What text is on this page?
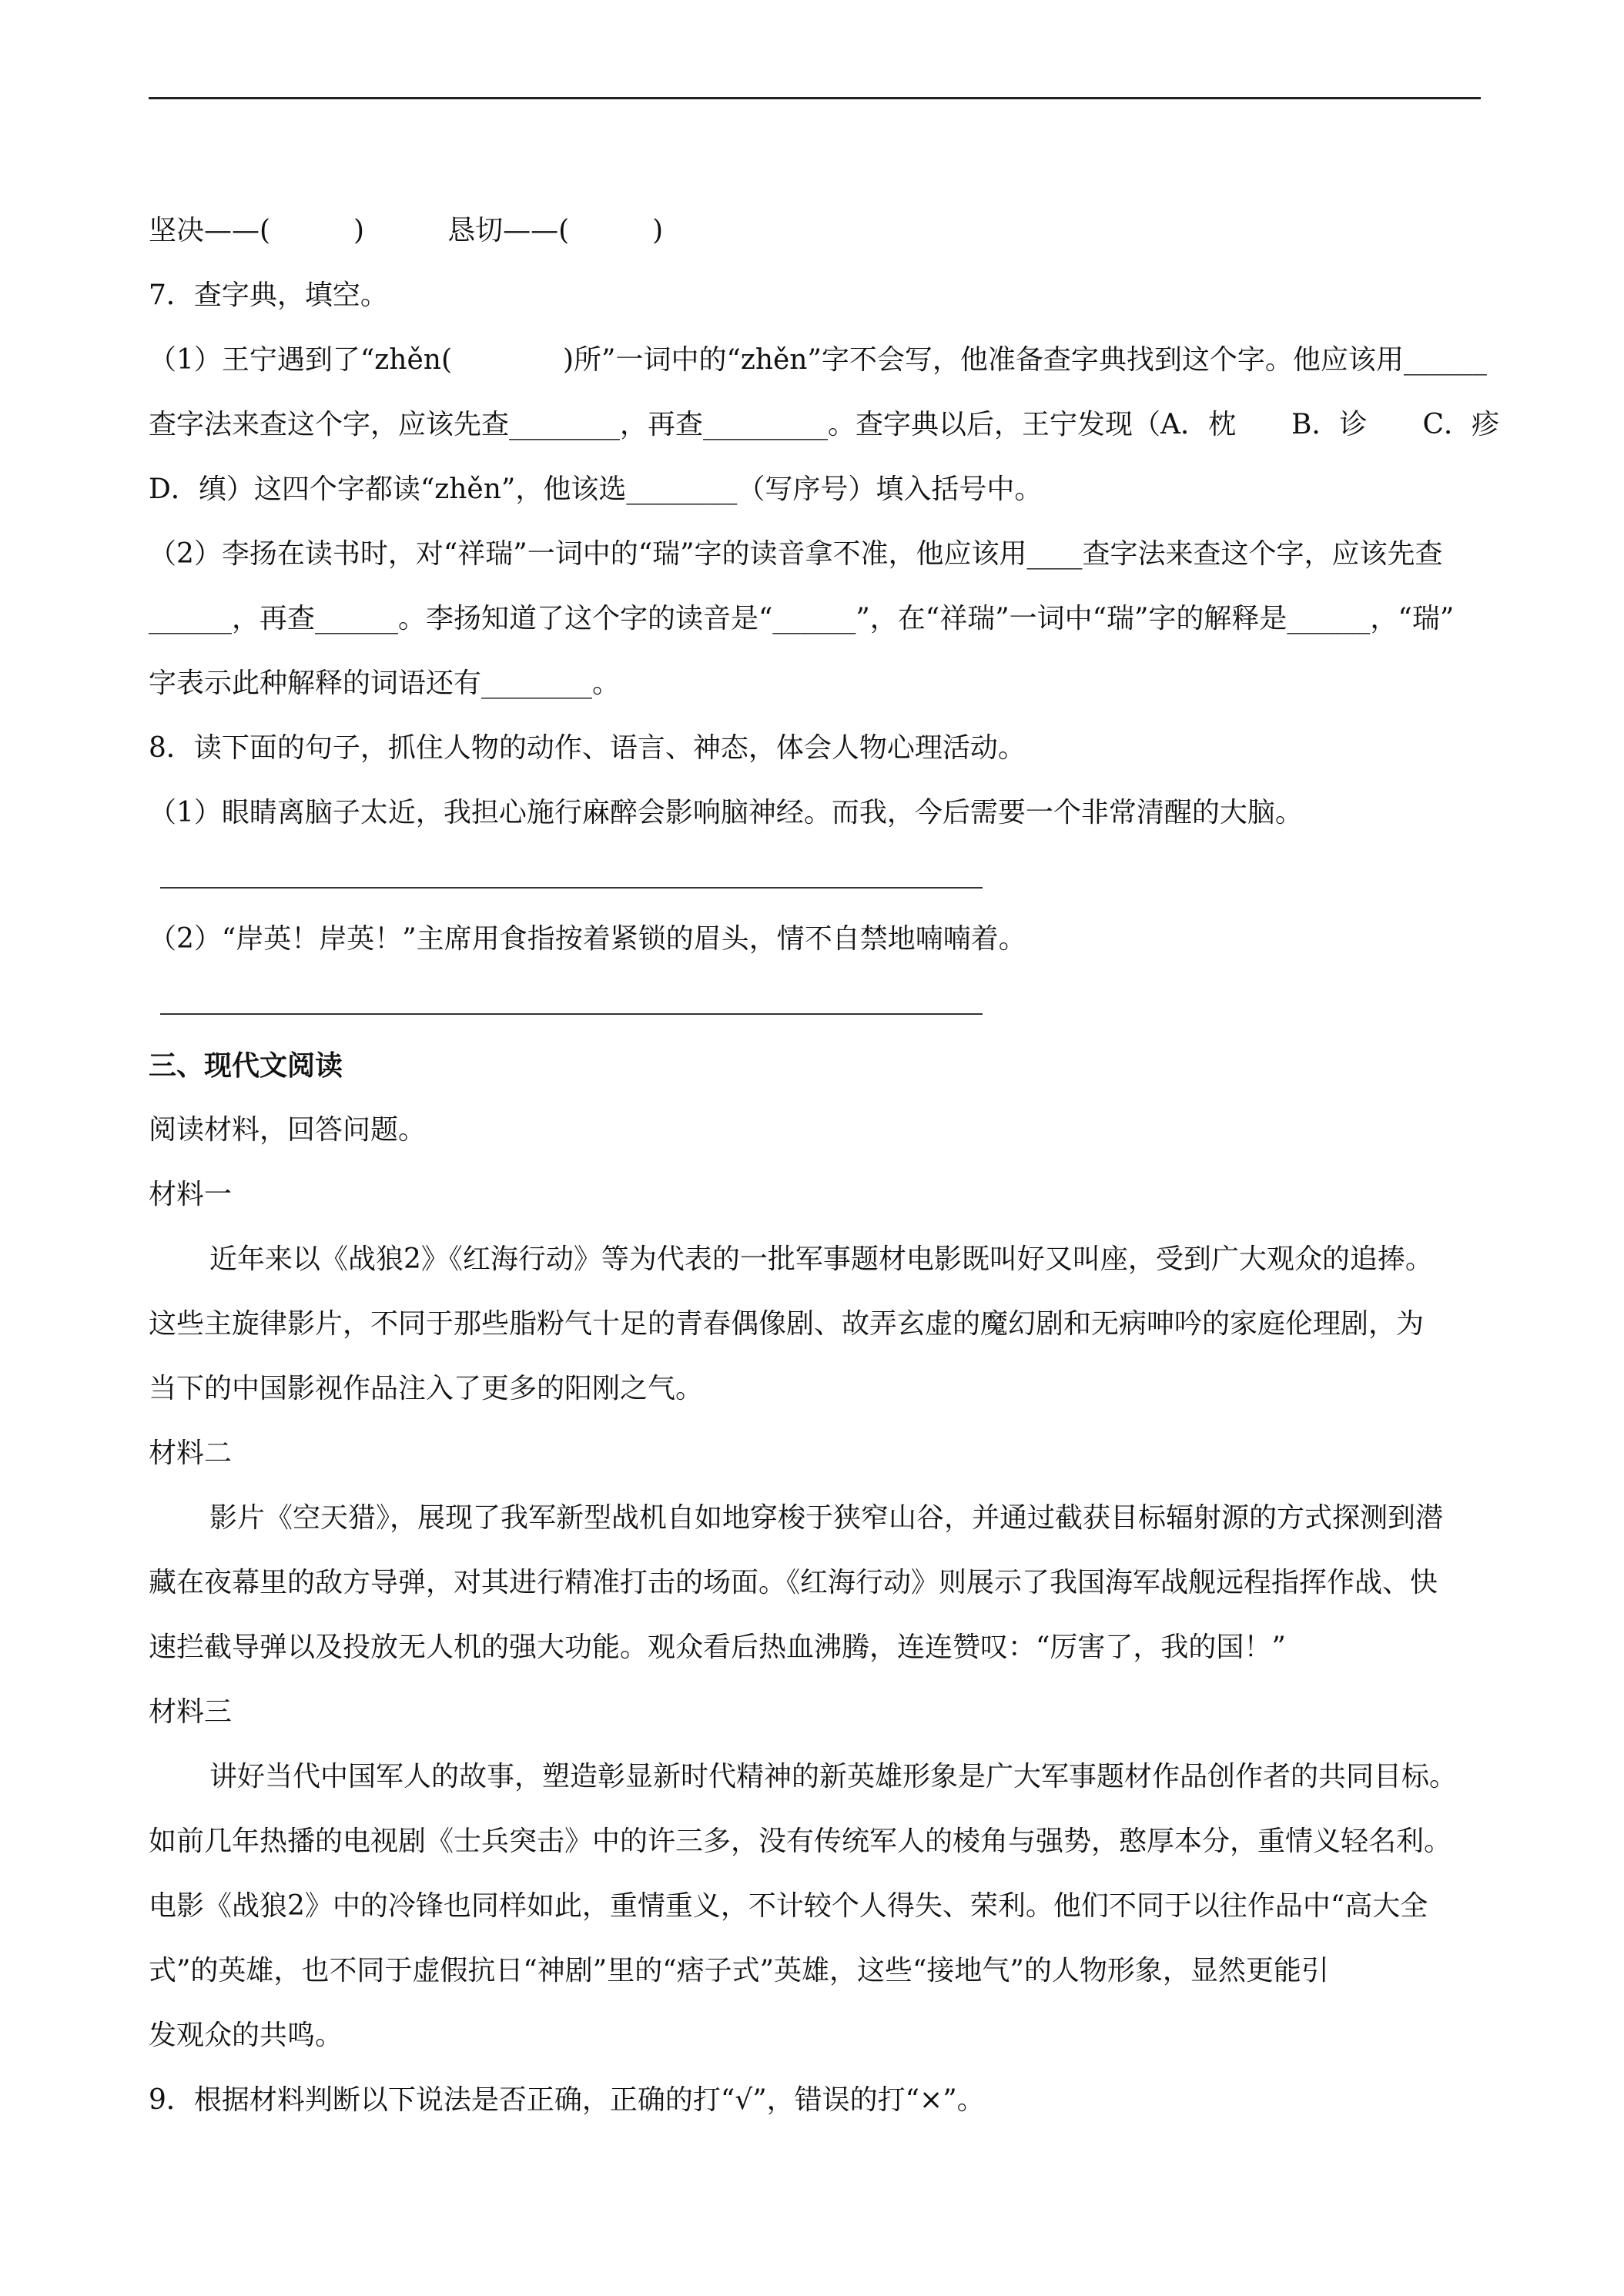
坚决——(　　　)　　　恳切——(　　　)
7．查字典，填空。
（1）王宁遇到了“zhěn(　　　　)所”一词中的“zhěn”字不会写，他准备查字典找到这个字。他应该用______
查字法来查这个字，应该先查________，再查_________。查字典以后，王宁发现（A．枕　　B．诊　　C．疹
D．缜）这四个字都读“zhěn”，他该选________（写序号）填入括号中。
（2）李扬在读书时，对“祥瑞”一词中的“瑞”字的读音拿不准，他应该用____查字法来查这个字，应该先查
______，再查______。李扬知道了这个字的读音是“______”，在“祥瑞”一词中“瑞”字的解释是______，“瑞”
字表示此种解释的词语还有________。
8．读下面的句子，抓住人物的动作、语言、神态，体会人物心理活动。
（1）眼睛离脑子太近，我担心施行麻醉会影响脑神经。而我，今后需要一个非常清醒的大脑。
（2）“岸英！岸英！”主席用食指按着紧锁的眉头，情不自禁地喃喃着。
三、现代文阅读
阅读材料，回答问题。
材料一
近年来以《战狼2》《红海行动》等为代表的一批军事题材电影既叫好又叫座，受到广大观众的追捧。
这些主旋律影片，不同于那些脂粉气十足的青春偶像剧、故弄玄虚的魔幻剧和无病呻吟的家庭伦理剧，为
当下的中国影视作品注入了更多的阳刚之气。
材料二
影片《空天猎》，展现了我军新型战机自如地穿梭于狭窄山谷，并通过截获目标辐射源的方式探测到潜
藏在夜幕里的敌方导弹，对其进行精准打击的场面。《红海行动》则展示了我国海军战舰远程指挥作战、快
速拦截导弹以及投放无人机的强大功能。观众看后热血沸腾，连连赞叹：“厉害了，我的国！”
材料三
讲好当代中国军人的故事，塑造彰显新时代精神的新英雄形象是广大军事题材作品创作者的共同目标。
如前几年热播的电视剧《士兵突击》中的许三多，没有传统军人的棱角与强势，憨厚本分，重情义轻名利。
电影《战狼2》中的冷锋也同样如此，重情重义，不计较个人得失、荣利。他们不同于以往作品中“高大全
式”的英雄，也不同于虚假抗日“神剧”里的“痞子式”英雄，这些“接地气”的人物形象，显然更能引
发观众的共鸣。
9．根据材料判断以下说法是否正确，正确的打“√”，错误的打“×”。
